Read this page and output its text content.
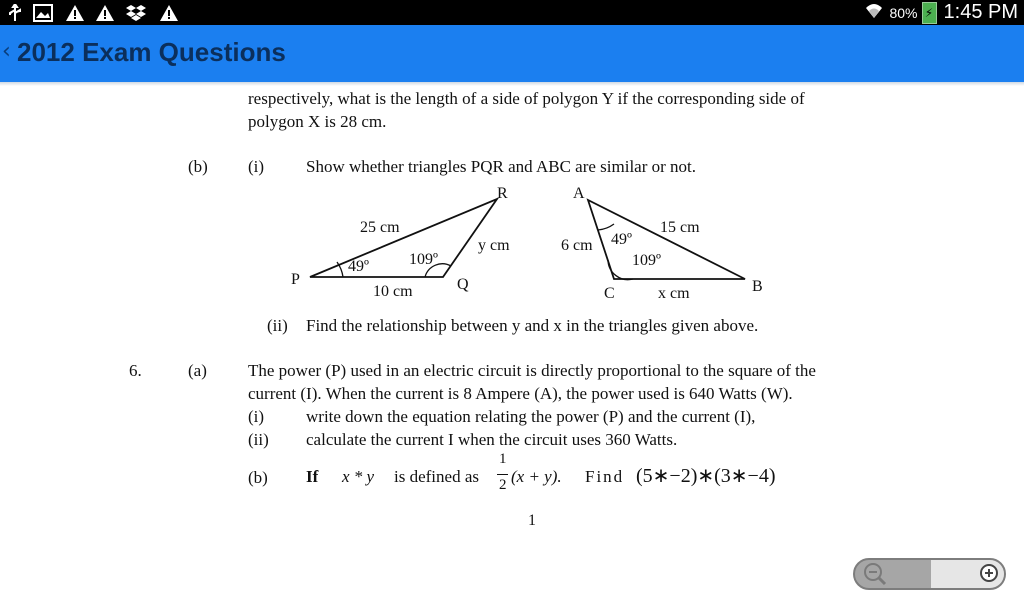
80% ⚡ 1:45 PM
‹ 2012 Exam Questions
respectively, what is the length of a side of polygon Y if the corresponding side of
polygon X is 28 cm.
(b) (i) Show whether triangles PQR and ABC are similar or not.
R
P	Q
25 cm
y cm
10 cm
49º	109º
A
B
C
6 cm
15 cm
x cm
49º
109º
(ii) Find the relationship between y and x in the triangles given above.
6.	(a) The power (P) used in an electric circuit is directly proportional to the square of the
current (I). When the current is 8 Ampere (A), the power used is 640 Watts (W).
(i) write down the equation relating the power (P) and the current (I),
(ii) calculate the current I when the circuit uses 360 Watts.
(b) If x * y is defined as
1
2 (x + y). Find (5∗−2)∗(3∗−4)
1
